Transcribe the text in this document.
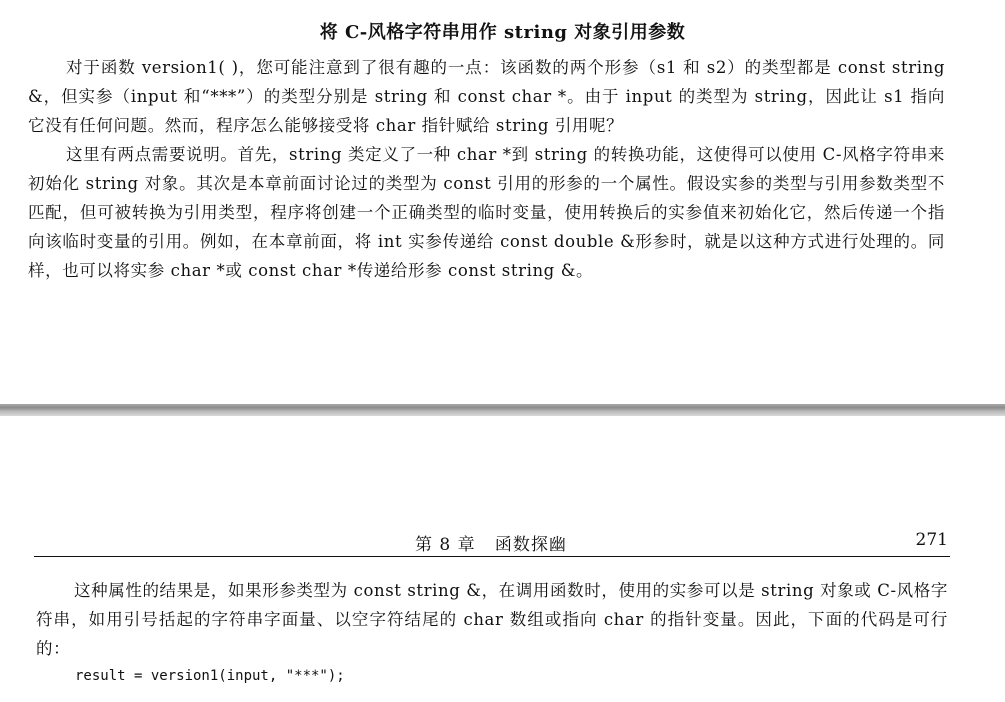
将 C-风格字符串用作 string 对象引用参数

对于函数 version1( )，您可能注意到了很有趣的一点：该函数的两个形参（s1 和 s2）的类型都是 const string &，但实参（input 和“***”）的类型分别是 string 和 const char *。由于 input 的类型为 string，因此让 s1 指向它没有任何问题。然而，程序怎么能够接受将 char 指针赋给 string 引用呢？

这里有两点需要说明。首先，string 类定义了一种 char *到 string 的转换功能，这使得可以使用 C-风格字符串来初始化 string 对象。其次是本章前面讨论过的类型为 const 引用的形参的一个属性。假设实参的类型与引用参数类型不匹配，但可被转换为引用类型，程序将创建一个正确类型的临时变量，使用转换后的实参值来初始化它，然后传递一个指向该临时变量的引用。例如，在本章前面，将 int 实参传递给 const double &形参时，就是以这种方式进行处理的。同样，也可以将实参 char *或 const char *传递给形参 const string &。

第 8 章   函数探幽	271

这种属性的结果是，如果形参类型为 const string &，在调用函数时，使用的实参可以是 string 对象或 C-风格字符串，如用引号括起的字符串字面量、以空字符结尾的 char 数组或指向 char 的指针变量。因此，下面的代码是可行的：

result = version1(input, "***");
